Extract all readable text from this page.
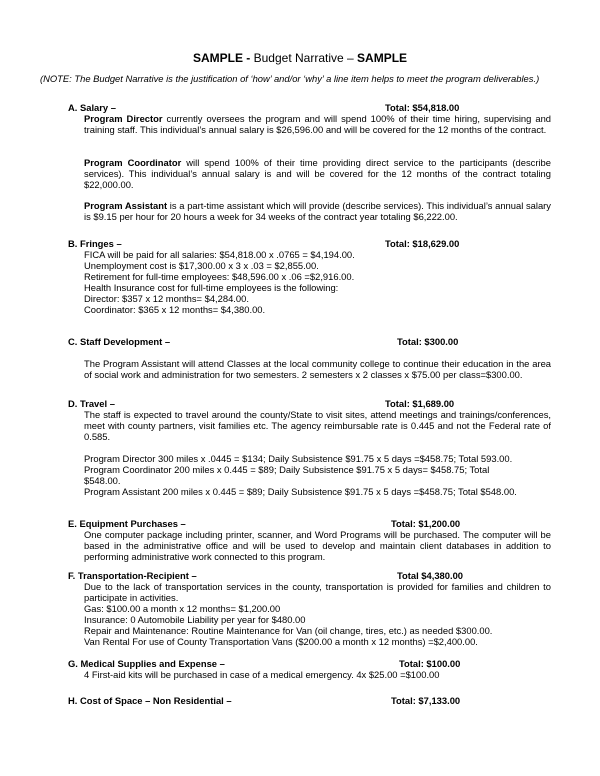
SAMPLE - Budget Narrative – SAMPLE
(NOTE: The Budget Narrative is the justification of ‘how’ and/or ‘why’ a line item helps to meet the program deliverables.)
A. Salary –	Total: $54,818.00
Program Director currently oversees the program and will spend 100% of their time hiring, supervising and training staff. This individual’s annual salary is $26,596.00 and will be covered for the 12 months of the contract.
Program Coordinator will spend 100% of their time providing direct service to the participants (describe services). This individual’s annual salary is and will be covered for the 12 months of the contract totaling $22,000.00.
Program Assistant is a part-time assistant which will provide (describe services). This individual’s annual salary is $9.15 per hour for 20 hours a week for 34 weeks of the contract year totaling $6,222.00.
B. Fringes –	Total: $18,629.00
FICA will be paid for all salaries: $54,818.00 x .0765 = $4,194.00.
Unemployment cost is $17,300.00 x 3 x .03 = $2,855.00.
Retirement for full-time employees: $48,596.00 x .06 =$2,916.00.
Health Insurance cost for full-time employees is the following:
Director: $357 x 12 months= $4,284.00.
Coordinator: $365 x 12 months= $4,380.00.
C. Staff Development –	Total: $300.00
The Program Assistant will attend Classes at the local community college to continue their education in the area of social work and administration for two semesters. 2 semesters x 2 classes x $75.00 per class=$300.00.
D. Travel –	Total: $1,689.00
The staff is expected to travel around the county/State to visit sites, attend meetings and trainings/conferences, meet with county partners, visit families etc. The agency reimbursable rate is 0.445 and not the Federal rate of 0.585.
Program Director 300 miles x .0445 = $134; Daily Subsistence $91.75 x 5 days =$458.75; Total 593.00.
Program Coordinator 200 miles x 0.445 = $89; Daily Subsistence $91.75 x 5 days= $458.75; Total
$548.00.
Program Assistant 200 miles x 0.445 = $89; Daily Subsistence $91.75 x 5 days =$458.75; Total $548.00.
E. Equipment Purchases –	Total: $1,200.00
One computer package including printer, scanner, and Word Programs will be purchased. The computer will be based in the administrative office and will be used to develop and maintain client databases in addition to performing administrative work connected to this program.
F. Transportation-Recipient –	Total $4,380.00
Due to the lack of transportation services in the county, transportation is provided for families and children to participate in activities.
Gas: $100.00 a month x 12 months= $1,200.00
Insurance: 0 Automobile Liability per year for $480.00
Repair and Maintenance: Routine Maintenance for Van (oil change, tires, etc.) as needed $300.00.
Van Rental For use of County Transportation Vans ($200.00 a month x 12 months) =$2,400.00.
G. Medical Supplies and Expense –	Total: $100.00
4 First-aid kits will be purchased in case of a medical emergency. 4x $25.00 =$100.00
H. Cost of Space – Non Residential –	Total: $7,133.00
